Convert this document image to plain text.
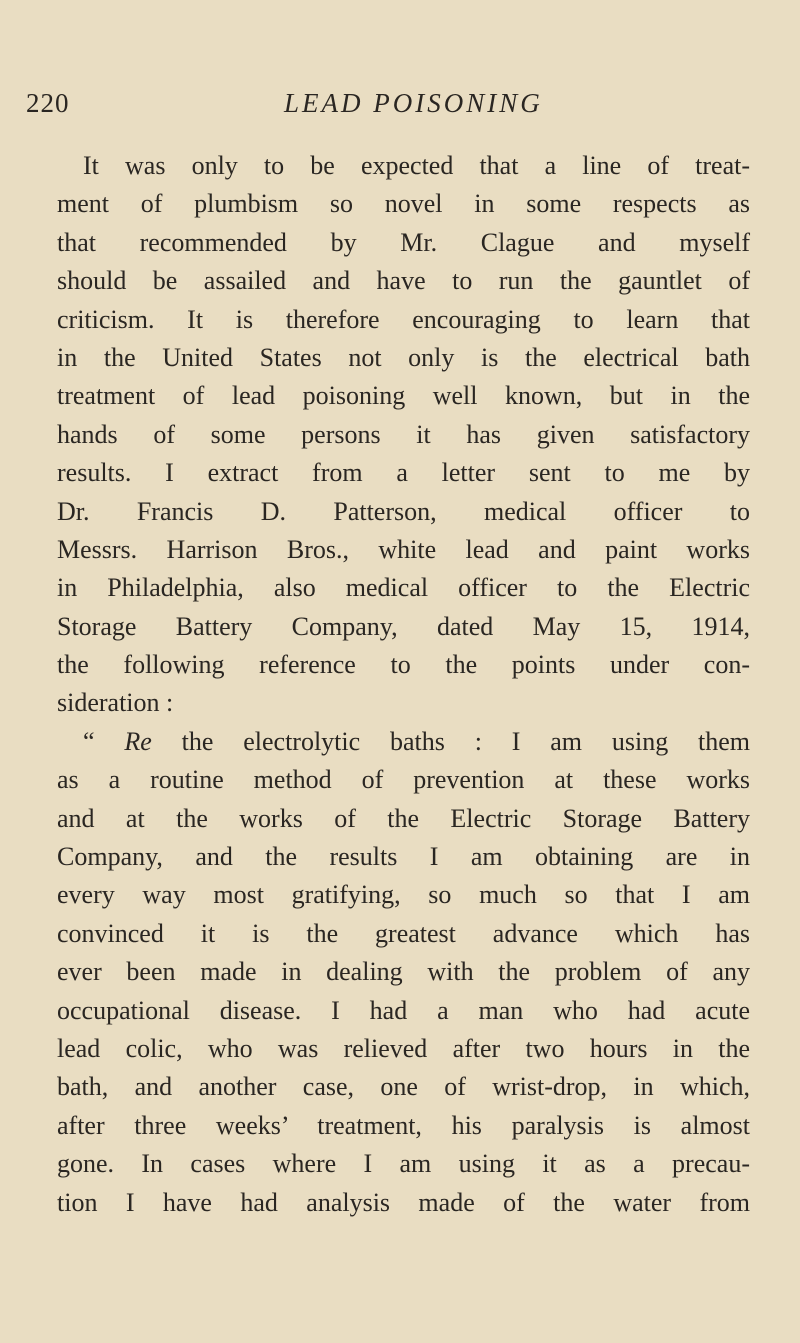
220	LEAD POISONING
It was only to be expected that a line of treat-
ment of plumbism so novel in some respects as
that recommended by Mr. Clague and myself
should be assailed and have to run the gauntlet of
criticism. It is therefore encouraging to learn that
in the United States not only is the electrical bath
treatment of lead poisoning well known, but in the
hands of some persons it has given satisfactory
results. I extract from a letter sent to me by
Dr. Francis D. Patterson, medical officer to
Messrs. Harrison Bros., white lead and paint works
in Philadelphia, also medical officer to the Electric
Storage Battery Company, dated May 15, 1914,
the following reference to the points under con-
sideration :
“ Re the electrolytic baths : I am using them
as a routine method of prevention at these works
and at the works of the Electric Storage Battery
Company, and the results I am obtaining are in
every way most gratifying, so much so that I am
convinced it is the greatest advance which has
ever been made in dealing with the problem of any
occupational disease. I had a man who had acute
lead colic, who was relieved after two hours in the
bath, and another case, one of wrist-drop, in which,
after three weeks’ treatment, his paralysis is almost
gone. In cases where I am using it as a precau-
tion I have had analysis made of the water from
